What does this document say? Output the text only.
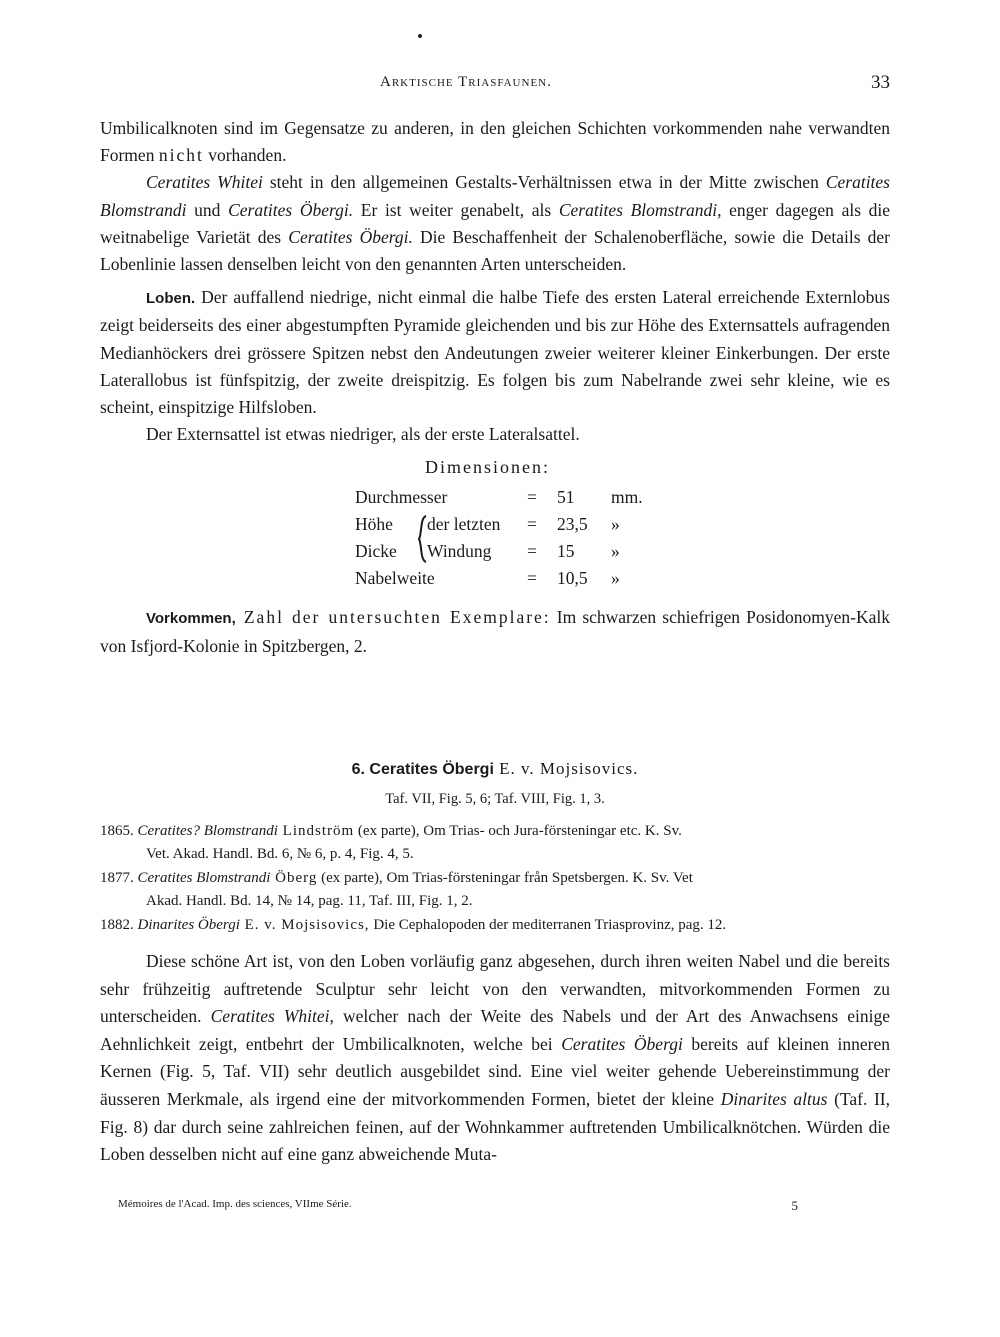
Arktische Triasfaunen.	33

Umbilicalknoten sind im Gegensatze zu anderen, in den gleichen Schichten vorkommenden nahe verwandten Formen nicht vorhanden.

Ceratites Whitei steht in den allgemeinen Gestalts-Verhältnissen etwa in der Mitte zwischen Ceratites Blomstrandi und Ceratites Öbergi. Er ist weiter genabelt, als Ceratites Blomstrandi, enger dagegen als die weitnabelige Varietät des Ceratites Öbergi. Die Beschaffenheit der Schalenoberfläche, sowie die Details der Lobenlinie lassen denselben leicht von den genannten Arten unterscheiden.

Loben. Der auffallend niedrige, nicht einmal die halbe Tiefe des ersten Lateral erreichende Externlobus zeigt beiderseits des einer abgestumpften Pyramide gleichenden und bis zur Höhe des Externsattels aufragenden Medianhöckers drei grössere Spitzen nebst den Andeutungen zweier weiterer kleiner Einkerbungen. Der erste Laterallobus ist fünfspitzig, der zweite dreispitzig. Es folgen bis zum Nabelrande zwei sehr kleine, wie es scheint, einspitzige Hilfsloben.

Der Externsattel ist etwas niedriger, als der erste Lateralsattel.

Dimensionen:
Durchmesser	= 51 mm.
Höhe der letzten = 23,5 »
Dicke Windung = 15 »
Nabelweite	= 10,5 »

Vorkommen, Zahl der untersuchten Exemplare: Im schwarzen schiefrigen Posidonomyen-Kalk von Isfjord-Kolonie in Spitzbergen, 2.

6. Ceratites Öbergi E. v. Mojsisovics.
Taf. VII, Fig. 5, 6; Taf. VIII, Fig. 1, 3.
1865. Ceratites? Blomstrandi Lindström (ex parte), Om Trias- och Jura-försteningar etc. K. Sv.
Vet. Akad. Handl. Bd. 6, № 6, p. 4, Fig. 4, 5.
1877. Ceratites Blomstrandi Öberg (ex parte), Om Trias-försteningar från Spetsbergen. K. Sv. Vet
Akad. Handl. Bd. 14, № 14, pag. 11, Taf. III, Fig. 1, 2.
1882. Dinarites Öbergi E. v. Mojsisovics, Die Cephalopoden der mediterranen Triasprovinz, pag. 12.

Diese schöne Art ist, von den Loben vorläufig ganz abgesehen, durch ihren weiten Nabel und die bereits sehr frühzeitig auftretende Sculptur sehr leicht von den verwandten, mitvorkommenden Formen zu unterscheiden. Ceratites Whitei, welcher nach der Weite des Nabels und der Art des Anwachsens einige Aehnlichkeit zeigt, entbehrt der Umbilicalknoten, welche bei Ceratites Öbergi bereits auf kleinen inneren Kernen (Fig. 5, Taf. VII) sehr deutlich ausgebildet sind. Eine viel weiter gehende Uebereinstimmung der äusseren Merkmale, als irgend eine der mitvorkommenden Formen, bietet der kleine Dinarites altus (Taf. II, Fig. 8) dar durch seine zahlreichen feinen, auf der Wohnkammer auftretenden Umbilicalknötchen. Würden die Loben desselben nicht auf eine ganz abweichende Muta-

Mémoires de l'Acad. Imp. des sciences, VIIme Série.	5
